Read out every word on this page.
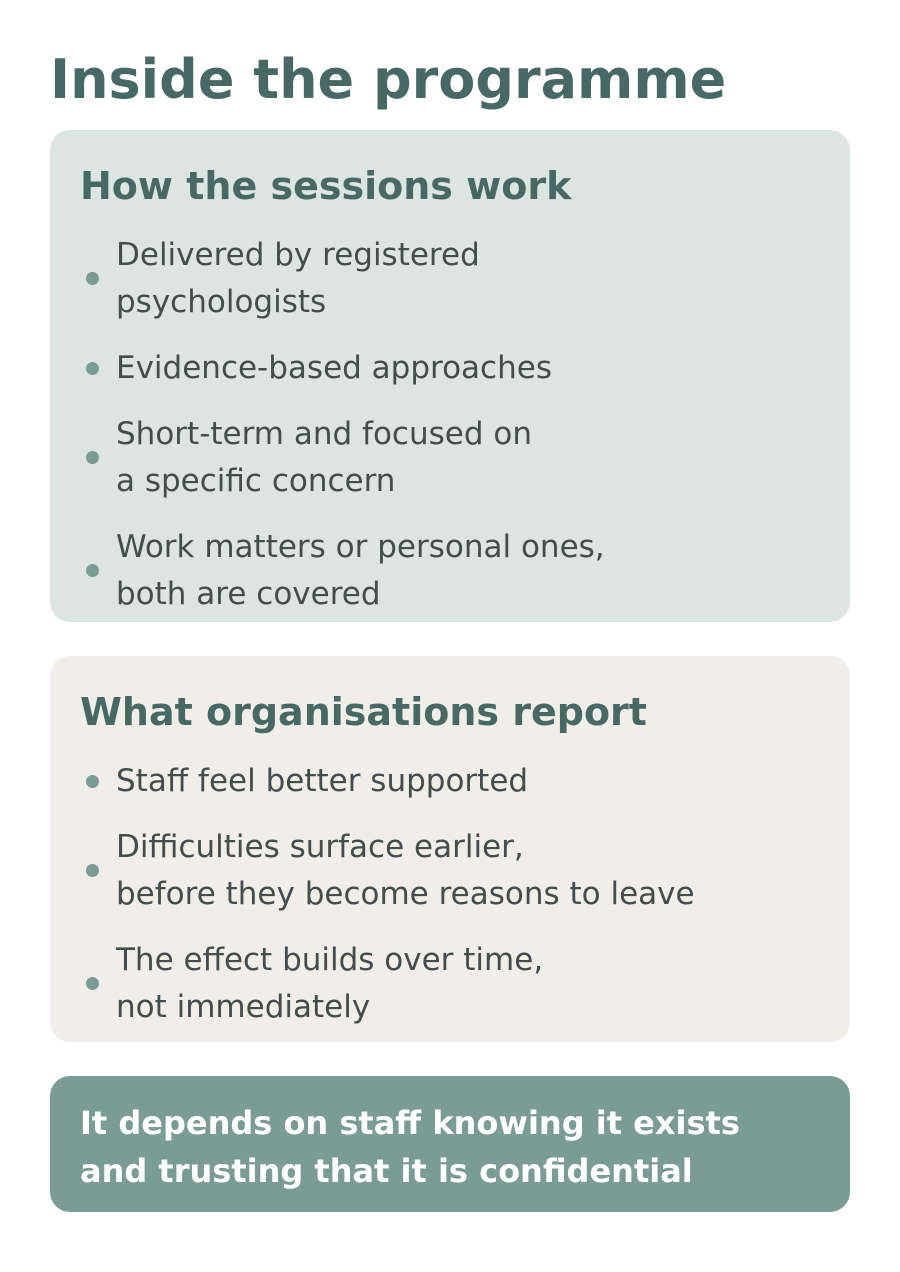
Inside the programme
How the sessions work
Delivered by registered
psychologists
Evidence-based approaches
Short-term and focused on
a specific concern
Work matters or personal ones,
both are covered
What organisations report
Staff feel better supported
Difficulties surface earlier,
before they become reasons to leave
The effect builds over time,
not immediately

It depends on staff knowing it exists
and trusting that it is confidential
